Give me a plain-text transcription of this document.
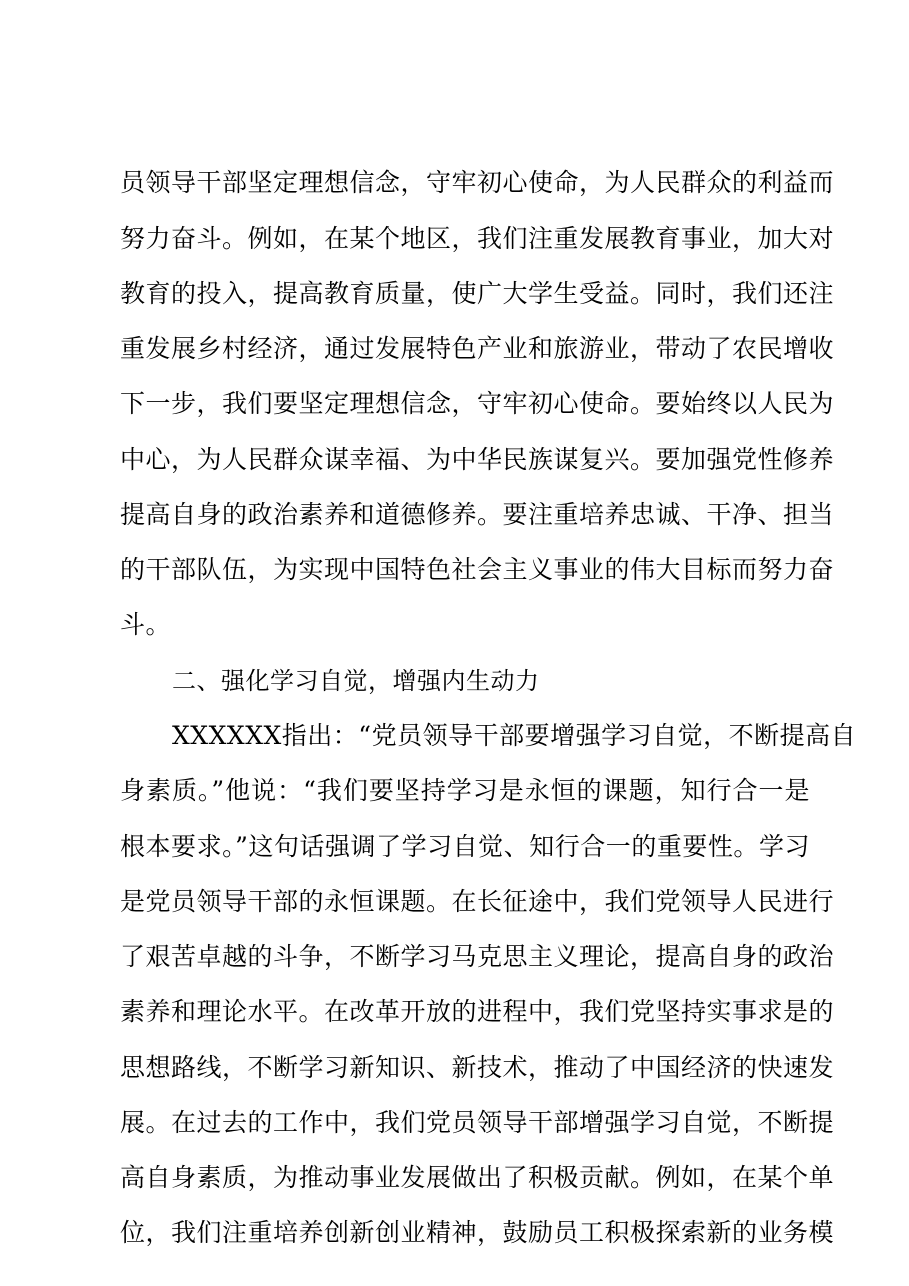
员领导干部坚定理想信念，守牢初心使命，为人民群众的利益而
努力奋斗。例如，在某个地区，我们注重发展教育事业，加大对
教育的投入，提高教育质量，使广大学生受益。同时，我们还注
重发展乡村经济，通过发展特色产业和旅游业，带动了农民增收
下一步，我们要坚定理想信念，守牢初心使命。要始终以人民为
中心，为人民群众谋幸福、为中华民族谋复兴。要加强党性修养
提高自身的政治素养和道德修养。要注重培养忠诚、干净、担当
的干部队伍，为实现中国特色社会主义事业的伟大目标而努力奋
斗。
二、强化学习自觉，增强内生动力
XXXXXX指出：“党员领导干部要增强学习自觉，不断提高自
身素质。”他说：“我们要坚持学习是永恒的课题，知行合一是
根本要求。”这句话强调了学习自觉、知行合一的重要性。学习
是党员领导干部的永恒课题。在长征途中，我们党领导人民进行
了艰苦卓越的斗争，不断学习马克思主义理论，提高自身的政治
素养和理论水平。在改革开放的进程中，我们党坚持实事求是的
思想路线，不断学习新知识、新技术，推动了中国经济的快速发
展。在过去的工作中，我们党员领导干部增强学习自觉，不断提
高自身素质，为推动事业发展做出了积极贡献。例如，在某个单
位，我们注重培养创新创业精神，鼓励员工积极探索新的业务模
